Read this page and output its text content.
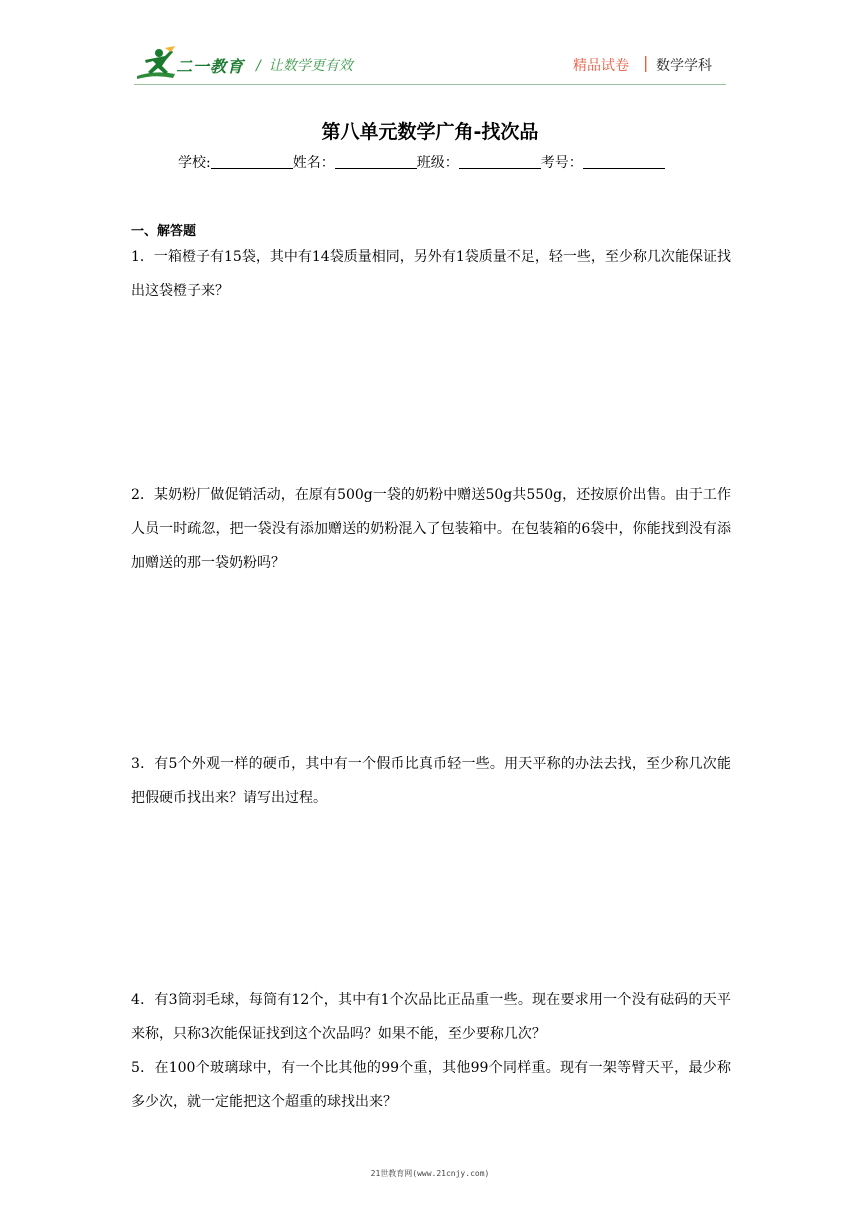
二一教育 / 让数学更有效	精品试卷 | 数学学科
第八单元数学广角-找次品
学校:	姓名：	班级：	考号：
一、解答题
1．一箱橙子有15袋，其中有14袋质量相同，另外有1袋质量不足，轻一些，至少称几次能保证找出这袋橙子来？
2．某奶粉厂做促销活动，在原有500g一袋的奶粉中赠送50g共550g，还按原价出售。由于工作人员一时疏忽，把一袋没有添加赠送的奶粉混入了包装箱中。在包装箱的6袋中，你能找到没有添加赠送的那一袋奶粉吗？
3．有5个外观一样的硬币，其中有一个假币比真币轻一些。用天平称的办法去找，至少称几次能把假硬币找出来？请写出过程。
4．有3筒羽毛球，每筒有12个，其中有1个次品比正品重一些。现在要求用一个没有砝码的天平来称，只称3次能保证找到这个次品吗？如果不能，至少要称几次？
5．在100个玻璃球中，有一个比其他的99个重，其他99个同样重。现有一架等臂天平，最少称多少次，就一定能把这个超重的球找出来？
21世教育网(www.21cnjy.com)
